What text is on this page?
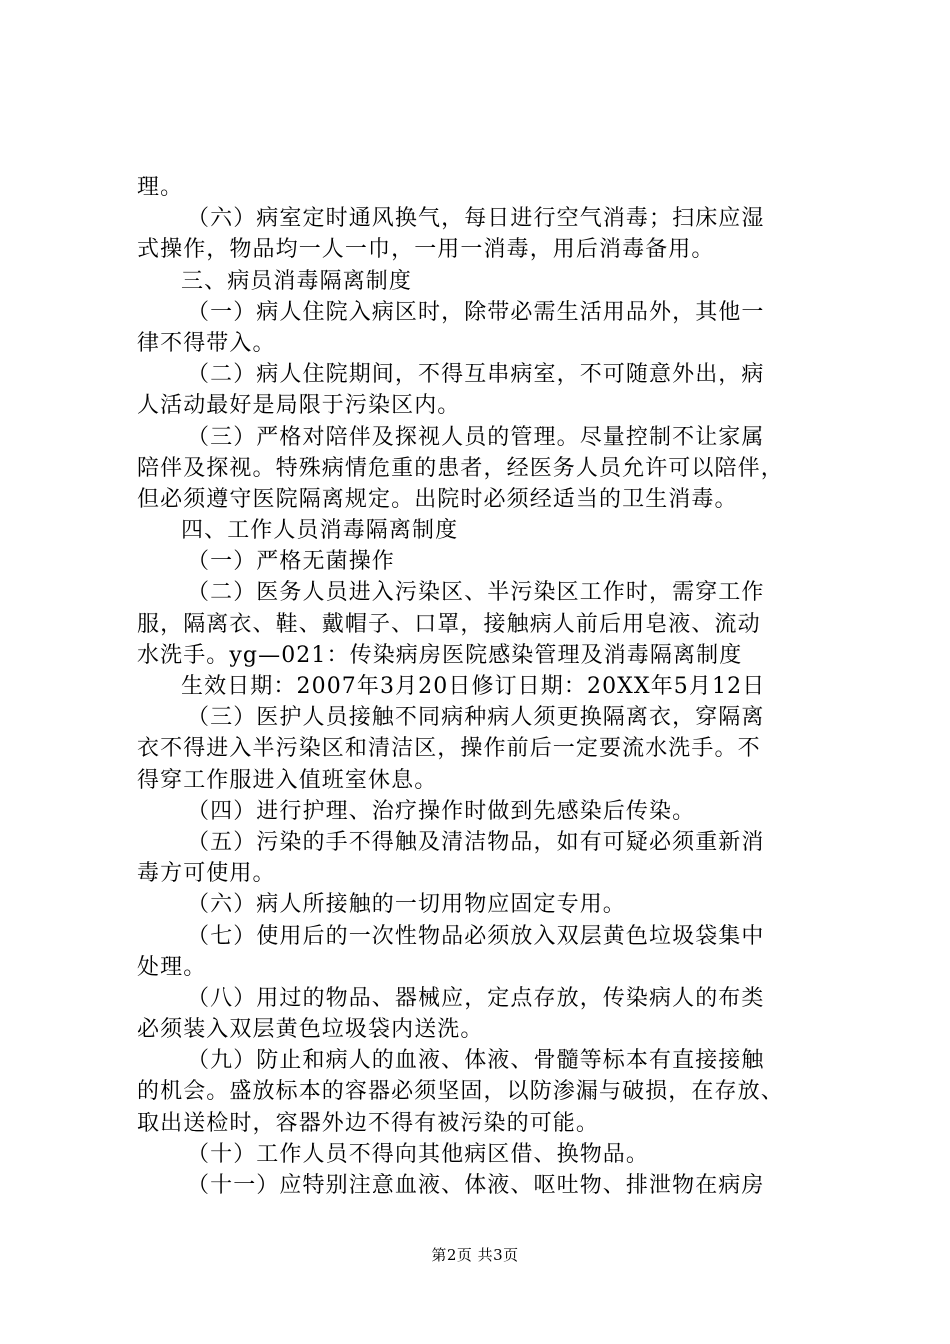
理。
（六）病室定时通风换气，每日进行空气消毒；扫床应湿
式操作，物品均一人一巾，一用一消毒，用后消毒备用。
三、病员消毒隔离制度
（一）病人住院入病区时，除带必需生活用品外，其他一
律不得带入。
（二）病人住院期间，不得互串病室，不可随意外出，病
人活动最好是局限于污染区内。
（三）严格对陪伴及探视人员的管理。尽量控制不让家属
陪伴及探视。特殊病情危重的患者，经医务人员允许可以陪伴，
但必须遵守医院隔离规定。出院时必须经适当的卫生消毒。
四、工作人员消毒隔离制度
（一）严格无菌操作
（二）医务人员进入污染区、半污染区工作时，需穿工作
服，隔离衣、鞋、戴帽子、口罩，接触病人前后用皂液、流动
水洗手。yg—021：传染病房医院感染管理及消毒隔离制度
生效日期：2007年3月20日修订日期：20XX年5月12日
（三）医护人员接触不同病种病人须更换隔离衣，穿隔离
衣不得进入半污染区和清洁区，操作前后一定要流水洗手。不
得穿工作服进入值班室休息。
（四）进行护理、治疗操作时做到先感染后传染。
（五）污染的手不得触及清洁物品，如有可疑必须重新消
毒方可使用。
（六）病人所接触的一切用物应固定专用。
（七）使用后的一次性物品必须放入双层黄色垃圾袋集中
处理。
（八）用过的物品、器械应，定点存放，传染病人的布类
必须装入双层黄色垃圾袋内送洗。
（九）防止和病人的血液、体液、骨髓等标本有直接接触
的机会。盛放标本的容器必须坚固，以防渗漏与破损，在存放、
取出送检时，容器外边不得有被污染的可能。
（十）工作人员不得向其他病区借、换物品。
（十一）应特别注意血液、体液、呕吐物、排泄物在病房
第2页 共3页
